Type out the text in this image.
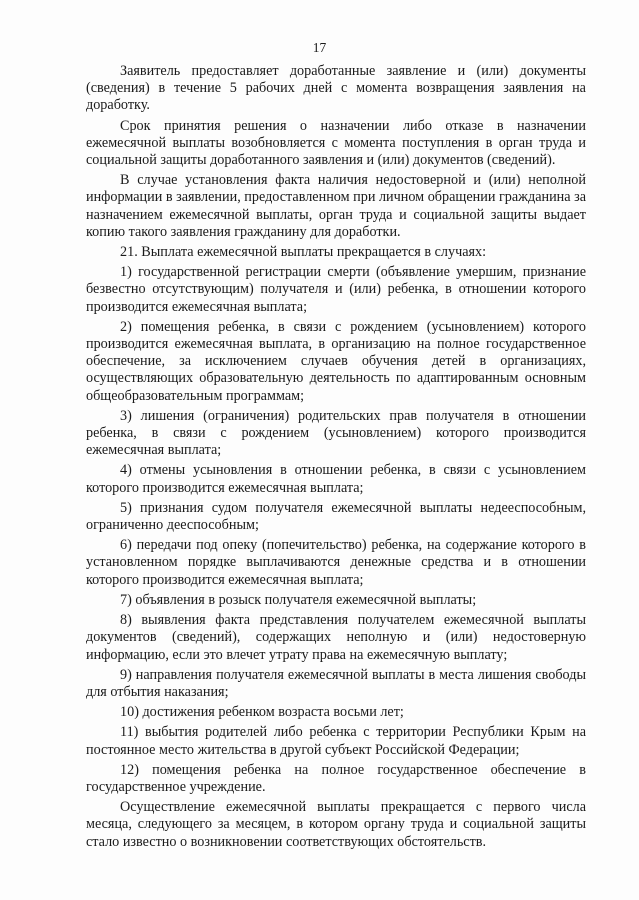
17

Заявитель предоставляет доработанные заявление и (или) документы (сведения) в течение 5 рабочих дней с момента возвращения заявления на доработку.

Срок принятия решения о назначении либо отказе в назначении ежемесячной выплаты возобновляется с момента поступления в орган труда и социальной защиты доработанного заявления и (или) документов (сведений).

В случае установления факта наличия недостоверной и (или) неполной информации в заявлении, предоставленном при личном обращении гражданина за назначением ежемесячной выплаты, орган труда и социальной защиты выдает копию такого заявления гражданину для доработки.

21. Выплата ежемесячной выплаты прекращается в случаях:

1) государственной регистрации смерти (объявление умершим, признание безвестно отсутствующим) получателя и (или) ребенка, в отношении которого производится ежемесячная выплата;

2) помещения ребенка, в связи с рождением (усыновлением) которого производится ежемесячная выплата, в организацию на полное государственное обеспечение, за исключением случаев обучения детей в организациях, осуществляющих образовательную деятельность по адаптированным основным общеобразовательным программам;

3) лишения (ограничения) родительских прав получателя в отношении ребенка, в связи с рождением (усыновлением) которого производится ежемесячная выплата;

4) отмены усыновления в отношении ребенка, в связи с усыновлением которого производится ежемесячная выплата;

5) признания судом получателя ежемесячной выплаты недееспособным, ограниченно дееспособным;

6) передачи под опеку (попечительство) ребенка, на содержание которого в установленном порядке выплачиваются денежные средства и в отношении которого производится ежемесячная выплата;

7) объявления в розыск получателя ежемесячной выплаты;

8) выявления факта представления получателем ежемесячной выплаты документов (сведений), содержащих неполную и (или) недостоверную информацию, если это влечет утрату права на ежемесячную выплату;

9) направления получателя ежемесячной выплаты в места лишения свободы для отбытия наказания;

10) достижения ребенком возраста восьми лет;

11) выбытия родителей либо ребенка с территории Республики Крым на постоянное место жительства в другой субъект Российской Федерации;

12) помещения ребенка на полное государственное обеспечение в государственное учреждение.

Осуществление ежемесячной выплаты прекращается с первого числа месяца, следующего за месяцем, в котором органу труда и социальной защиты стало известно о возникновении соответствующих обстоятельств.
